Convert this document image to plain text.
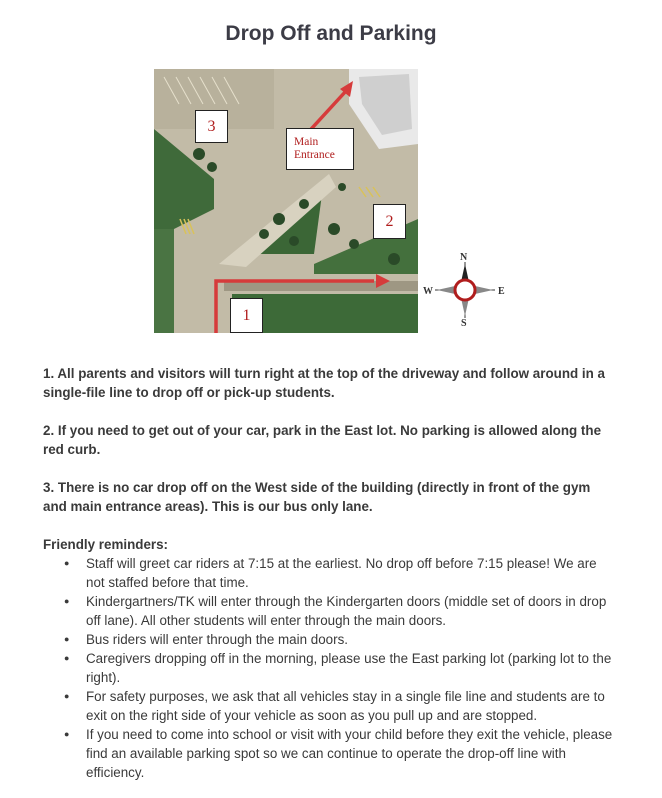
Drop Off and Parking
3
Main
Entrance
2
1
N
S
W	E

1. All parents and visitors will turn right at the top of the driveway and follow around in a single-file line to drop off or pick-up students.

2. If you need to get out of your car, park in the East lot. No parking is allowed along the red curb.

3. There is no car drop off on the West side of the building (directly in front of the gym and main entrance areas). This is our bus only lane.

Friendly reminders:

● Staff will greet car riders at 7:15 at the earliest. No drop off before 7:15 please! We are not staffed before that time.
● Kindergartners/TK will enter through the Kindergarten doors (middle set of doors in drop off lane). All other students will enter through the main doors.
● Bus riders will enter through the main doors.
● Caregivers dropping off in the morning, please use the East parking lot (parking lot to the right).
● For safety purposes, we ask that all vehicles stay in a single file line and students are to exit on the right side of your vehicle as soon as you pull up and are stopped.
● If you need to come into school or visit with your child before they exit the vehicle, please find an available parking spot so we can continue to operate the drop-off line with efficiency.
